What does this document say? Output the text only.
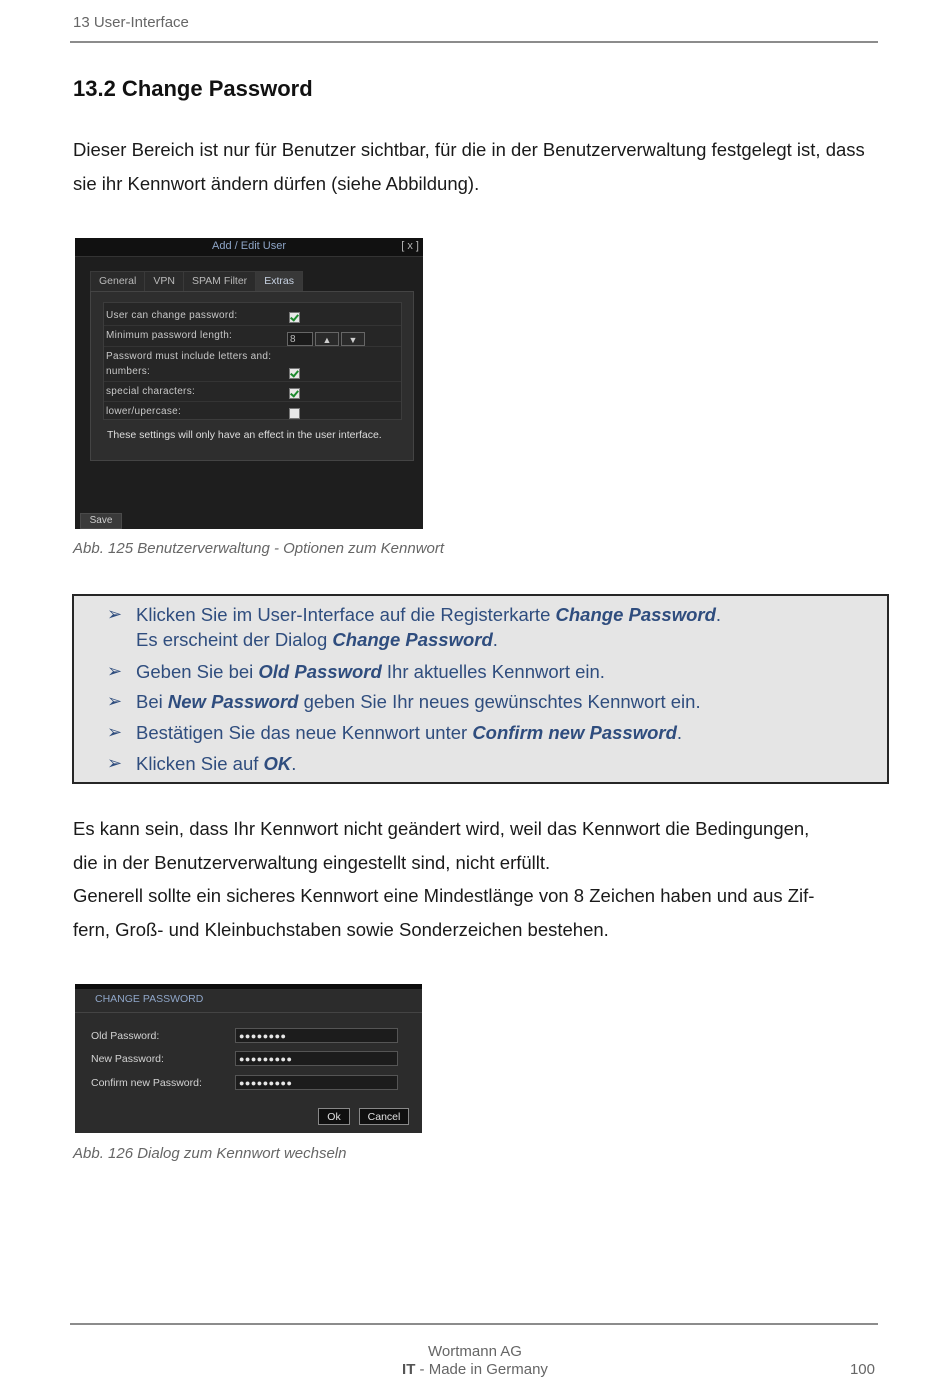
13 User-Interface
13.2 Change Password
Dieser Bereich ist nur für Benutzer sichtbar, für die in der Benutzerverwaltung festgelegt ist, dass sie ihr Kennwort ändern dürfen (siehe Abbildung).
Add / Edit User	[ x ]
General	VPN	SPAM Filter	Extras
User can change password:
Minimum password length:	8	▲	▼
Password must include letters and:
numbers:
special characters:
lower/upercase:
These settings will only have an effect in the user interface.
Save
Abb. 125 Benutzerverwaltung - Optionen zum Kennwort
➢ Klicken Sie im User-Interface auf die Registerkarte Change Password.
Es erscheint der Dialog Change Password.
➢ Geben Sie bei Old Password Ihr aktuelles Kennwort ein.
➢ Bei New Password geben Sie Ihr neues gewünschtes Kennwort ein.
➢ Bestätigen Sie das neue Kennwort unter Confirm new Password.
➢ Klicken Sie auf OK.
Es kann sein, dass Ihr Kennwort nicht geändert wird, weil das Kennwort die Bedingungen,
die in der Benutzerverwaltung eingestellt sind, nicht erfüllt.
Generell sollte ein sicheres Kennwort eine Mindestlänge von 8 Zeichen haben und aus Zif-
fern, Groß- und Kleinbuchstaben sowie Sonderzeichen bestehen.
CHANGE PASSWORD
Old Password:	●●●●●●●●
New Password:	●●●●●●●●●
Confirm new Password:	●●●●●●●●●
Ok	Cancel
Abb. 126 Dialog zum Kennwort wechseln
Wortmann AG
IT - Made in Germany	100
